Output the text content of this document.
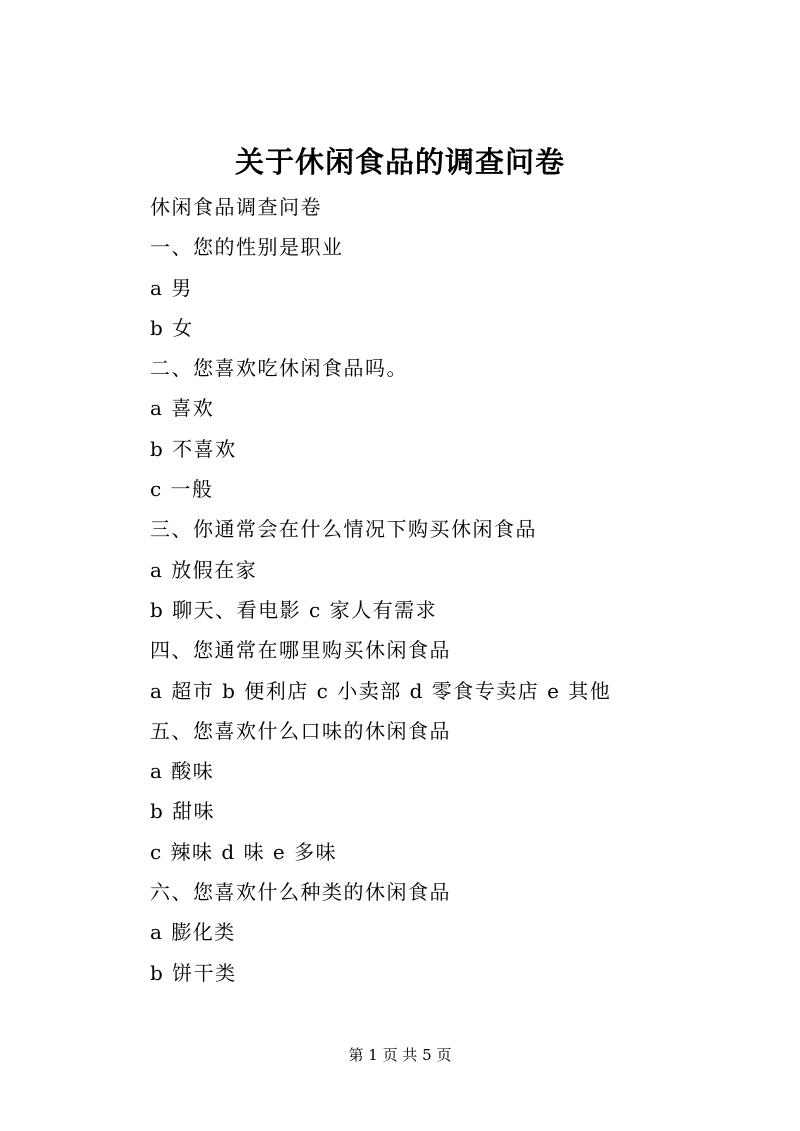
关于休闲食品的调查问卷
休闲食品调查问卷
一、您的性别是职业
a 男
b 女
二、您喜欢吃休闲食品吗。
a 喜欢
b 不喜欢
c 一般
三、你通常会在什么情况下购买休闲食品
a 放假在家
b 聊天、看电影 c 家人有需求
四、您通常在哪里购买休闲食品
a 超市 b 便利店 c 小卖部 d 零食专卖店 e 其他
五、您喜欢什么口味的休闲食品
a 酸味
b 甜味
c 辣味 d 味 e 多味
六、您喜欢什么种类的休闲食品
a 膨化类
b 饼干类
第 1 页 共 5 页
